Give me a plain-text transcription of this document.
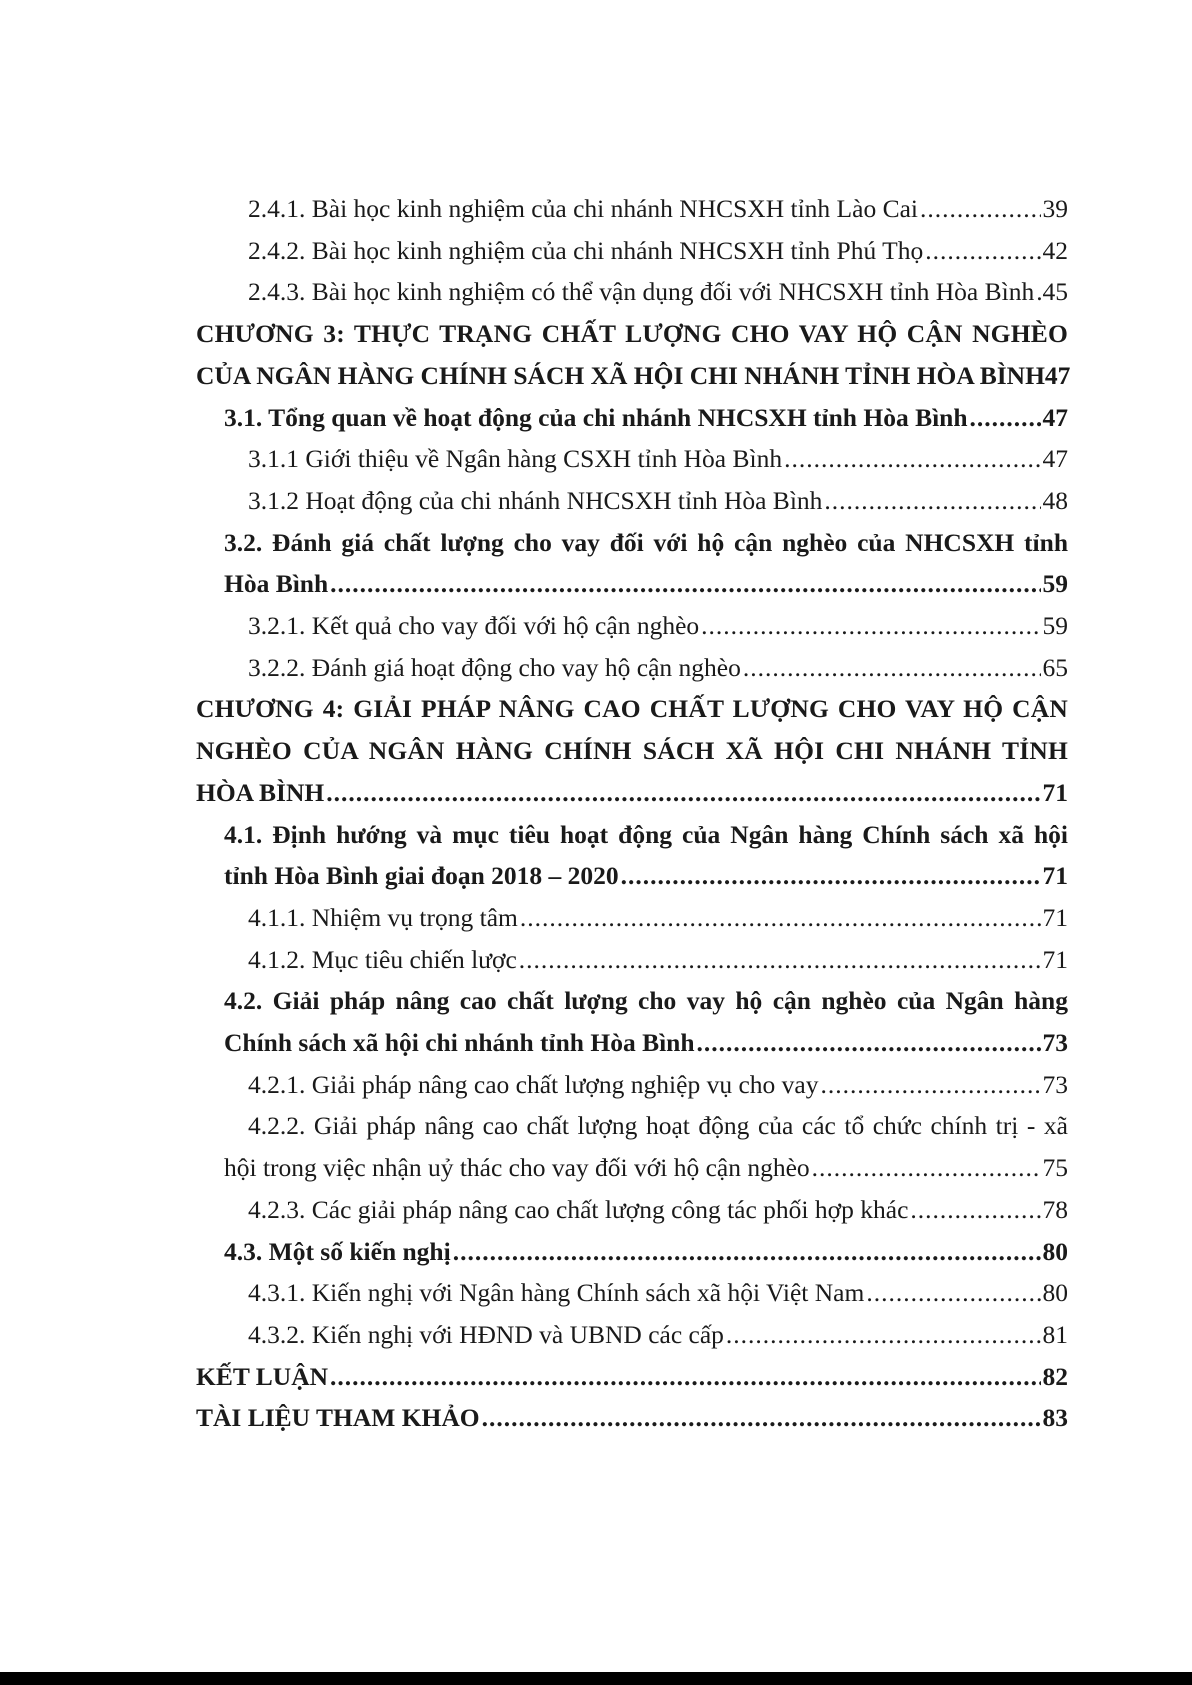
2.4.1. Bài học kinh nghiệm của chi nhánh NHCSXH tỉnh Lào Cai .....	39
2.4.2. Bài học kinh nghiệm của chi nhánh NHCSXH tỉnh Phú Thọ .....	42
2.4.3. Bài học kinh nghiệm có thể vận dụng đối với NHCSXH tỉnh Hòa Bình ..... 45
CHƯƠNG 3: THỰC TRẠNG CHẤT LƯỢNG CHO VAY HỘ CẬN NGHÈO
CỦA NGÂN HÀNG CHÍNH SÁCH XÃ HỘI CHI NHÁNH TỈNH HÒA BÌNH 47
3.1. Tổng quan về hoạt động của chi nhánh NHCSXH tỉnh Hòa Bình .....	47
3.1.1 Giới thiệu về Ngân hàng CSXH tỉnh Hòa Bình .....	47
3.1.2 Hoạt động của chi nhánh NHCSXH tỉnh Hòa Bình .....	48
3.2. Đánh giá chất lượng cho vay đối với hộ cận nghèo của NHCSXH tỉnh
Hòa Bình .....	59
3.2.1. Kết quả cho vay đối với hộ cận nghèo .....	59
3.2.2. Đánh giá hoạt động cho vay hộ cận nghèo .....	65
CHƯƠNG 4: GIẢI PHÁP NÂNG CAO CHẤT LƯỢNG CHO VAY HỘ CẬN
NGHÈO CỦA NGÂN HÀNG CHÍNH SÁCH XÃ HỘI CHI NHÁNH TỈNH
HÒA BÌNH .....	71
4.1. Định hướng và mục tiêu hoạt động của Ngân hàng Chính sách xã hội
tỉnh Hòa Bình giai đoạn 2018 – 2020 .....	71
4.1.1. Nhiệm vụ trọng tâm .....	71
4.1.2. Mục tiêu chiến lược .....	71
4.2. Giải pháp nâng cao chất lượng cho vay hộ cận nghèo của Ngân hàng
Chính sách xã hội chi nhánh tỉnh Hòa Bình .....	73
4.2.1. Giải pháp nâng cao chất lượng nghiệp vụ cho vay .....	73
4.2.2. Giải pháp nâng cao chất lượng hoạt động của các tổ chức chính trị - xã
hội trong việc nhận uỷ thác cho vay đối với hộ cận nghèo .....	75
4.2.3. Các giải pháp nâng cao chất lượng công tác phối hợp khác .....	78
4.3. Một số kiến nghị .....	80
4.3.1. Kiến nghị với Ngân hàng Chính sách xã hội Việt Nam .....	80
4.3.2. Kiến nghị với HĐND và UBND các cấp .....	81
KẾT LUẬN .....	82
TÀI LIỆU THAM KHẢO .....	83
